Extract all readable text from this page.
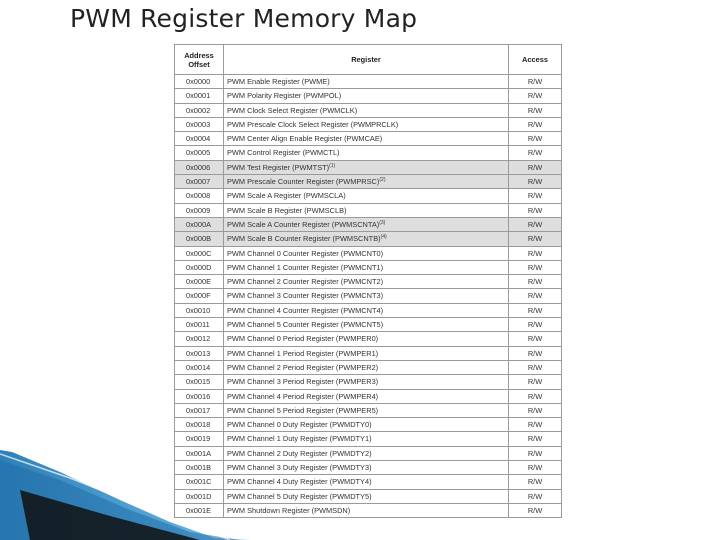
PWM Register Memory Map
Address
Offset	Register	Access
0x0000	PWM Enable Register (PWME)	R/W
0x0001	PWM Polarity Register (PWMPOL)	R/W
0x0002	PWM Clock Select Register (PWMCLK)	R/W
0x0003	PWM Prescale Clock Select Register (PWMPRCLK)	R/W
0x0004	PWM Center Align Enable Register (PWMCAE)	R/W
0x0005	PWM Control Register (PWMCTL)	R/W
0x0006	PWM Test Register (PWMTST)$^{(1)}$	R/W
0x0007	PWM Prescale Counter Register (PWMPRSC)$^{(2)}$	R/W
0x0008	PWM Scale A Register (PWMSCLA)	R/W
0x0009	PWM Scale B Register (PWMSCLB)	R/W
0x000A	PWM Scale A Counter Register (PWMSCNTA)$^{(3)}$	R/W
0x000B	PWM Scale B Counter Register (PWMSCNTB)$^{(4)}$	R/W
0x000C	PWM Channel 0 Counter Register (PWMCNT0)	R/W
0x000D	PWM Channel 1 Counter Register (PWMCNT1)	R/W
0x000E	PWM Channel 2 Counter Register (PWMCNT2)	R/W
0x000F	PWM Channel 3 Counter Register (PWMCNT3)	R/W
0x0010	PWM Channel 4 Counter Register (PWMCNT4)	R/W
0x0011	PWM Channel 5 Counter Register (PWMCNT5)	R/W
0x0012	PWM Channel 0 Period Register (PWMPER0)	R/W
0x0013	PWM Channel 1 Period Register (PWMPER1)	R/W
0x0014	PWM Channel 2 Period Register (PWMPER2)	R/W
0x0015	PWM Channel 3 Period Register (PWMPER3)	R/W
0x0016	PWM Channel 4 Period Register (PWMPER4)	R/W
0x0017	PWM Channel 5 Period Register (PWMPER5)	R/W
0x0018	PWM Channel 0 Duty Register (PWMDTY0)	R/W
0x0019	PWM Channel 1 Duty Register (PWMDTY1)	R/W
0x001A	PWM Channel 2 Duty Register (PWMDTY2)	R/W
0x001B	PWM Channel 3 Duty Register (PWMDTY3)	R/W
0x001C	PWM Channel 4 Duty Register (PWMDTY4)	R/W
0x001D	PWM Channel 5 Duty Register (PWMDTY5)	R/W
0x001E	PWM Shutdown Register (PWMSDN)	R/W
